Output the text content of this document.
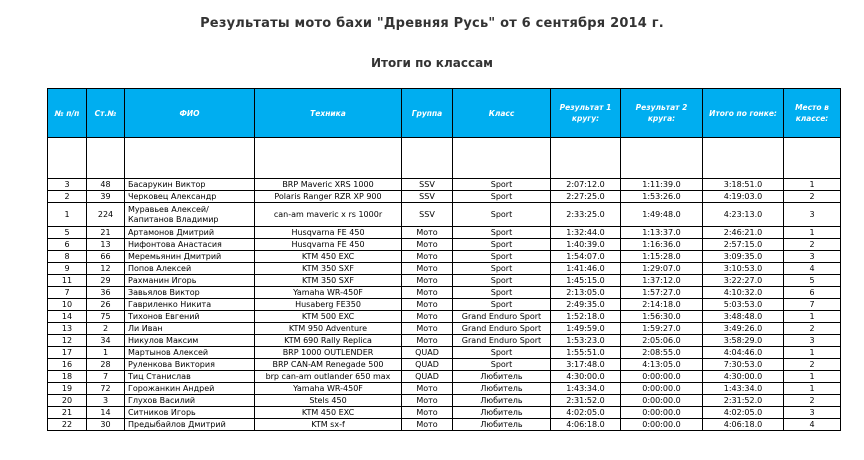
Результаты мото бахи "Древняя Русь" от 6 сентября 2014 г.
Итоги по классам
№ п/п	Ст.№	ФИО	Техника	Группа	Класс	Результат 1 кругу:	Результат 2 круга:	Итого по гонке:	Место в классе:

3	48	Басарукин Виктор	BRP Maveric XRS 1000	SSV	Sport	2:07:12.0	1:11:39.0	3:18:51.0	1
2	39	Черковец Александр	Polaris Ranger RZR XP 900	SSV	Sport	2:27:25.0	1:53:26.0	4:19:03.0	2
1	224	Муравьев Алексей/ Капитанов Владимир	can-am maveric x rs 1000r	SSV	Sport	2:33:25.0	1:49:48.0	4:23:13.0	3
5	21	Артамонов Дмитрий	Husqvarna FE 450	Мото	Sport	1:32:44.0	1:13:37.0	2:46:21.0	1
6	13	Нифонтова Анастасия	Husqvarna FE 450	Мото	Sport	1:40:39.0	1:16:36.0	2:57:15.0	2
8	66	Меремьянин Дмитрий	KTM 450 EXC	Мото	Sport	1:54:07.0	1:15:28.0	3:09:35.0	3
9	12	Попов Алексей	KTM 350 SXF	Мото	Sport	1:41:46.0	1:29:07.0	3:10:53.0	4
11	29	Рахманин Игорь	KTM 350 SXF	Мото	Sport	1:45:15.0	1:37:12.0	3:22:27.0	5
7	36	Завьялов Виктор	Yamaha WR-450F	Мото	Sport	2:13:05.0	1:57:27.0	4:10:32.0	6
10	26	Гавриленко Никита	Husaberg FE350	Мото	Sport	2:49:35.0	2:14:18.0	5:03:53.0	7
14	75	Тихонов Евгений	KTM 500 EXC	Мото	Grand Enduro Sport	1:52:18.0	1:56:30.0	3:48:48.0	1
13	2	Ли Иван	KTM 950 Adventure	Мото	Grand Enduro Sport	1:49:59.0	1:59:27.0	3:49:26.0	2
12	34	Никулов Максим	KTM 690 Rally Replica	Мото	Grand Enduro Sport	1:53:23.0	2:05:06.0	3:58:29.0	3
17	1	Мартынов Алексей	BRP 1000 OUTLENDER	QUAD	Sport	1:55:51.0	2:08:55.0	4:04:46.0	1
16	28	Руленкова Виктория	BRP CAN-AM Renegade 500	QUAD	Sport	3:17:48.0	4:13:05.0	7:30:53.0	2
18	7	Тиц Станислав	brp can-am outlander 650 max	QUAD	Любитель	4:30:00.0	0:00:00.0	4:30:00.0	1
19	72	Горожанкин Андрей	Yamaha WR-450F	Мото	Любитель	1:43:34.0	0:00:00.0	1:43:34.0	1
20	3	Глухов Василий	Stels 450	Мото	Любитель	2:31:52.0	0:00:00.0	2:31:52.0	2
21	14	Ситников Игорь	KTM 450 EXC	Мото	Любитель	4:02:05.0	0:00:00.0	4:02:05.0	3
22	30	Предыбайлов Дмитрий	KTM sx-f	Мото	Любитель	4:06:18.0	0:00:00.0	4:06:18.0	4
